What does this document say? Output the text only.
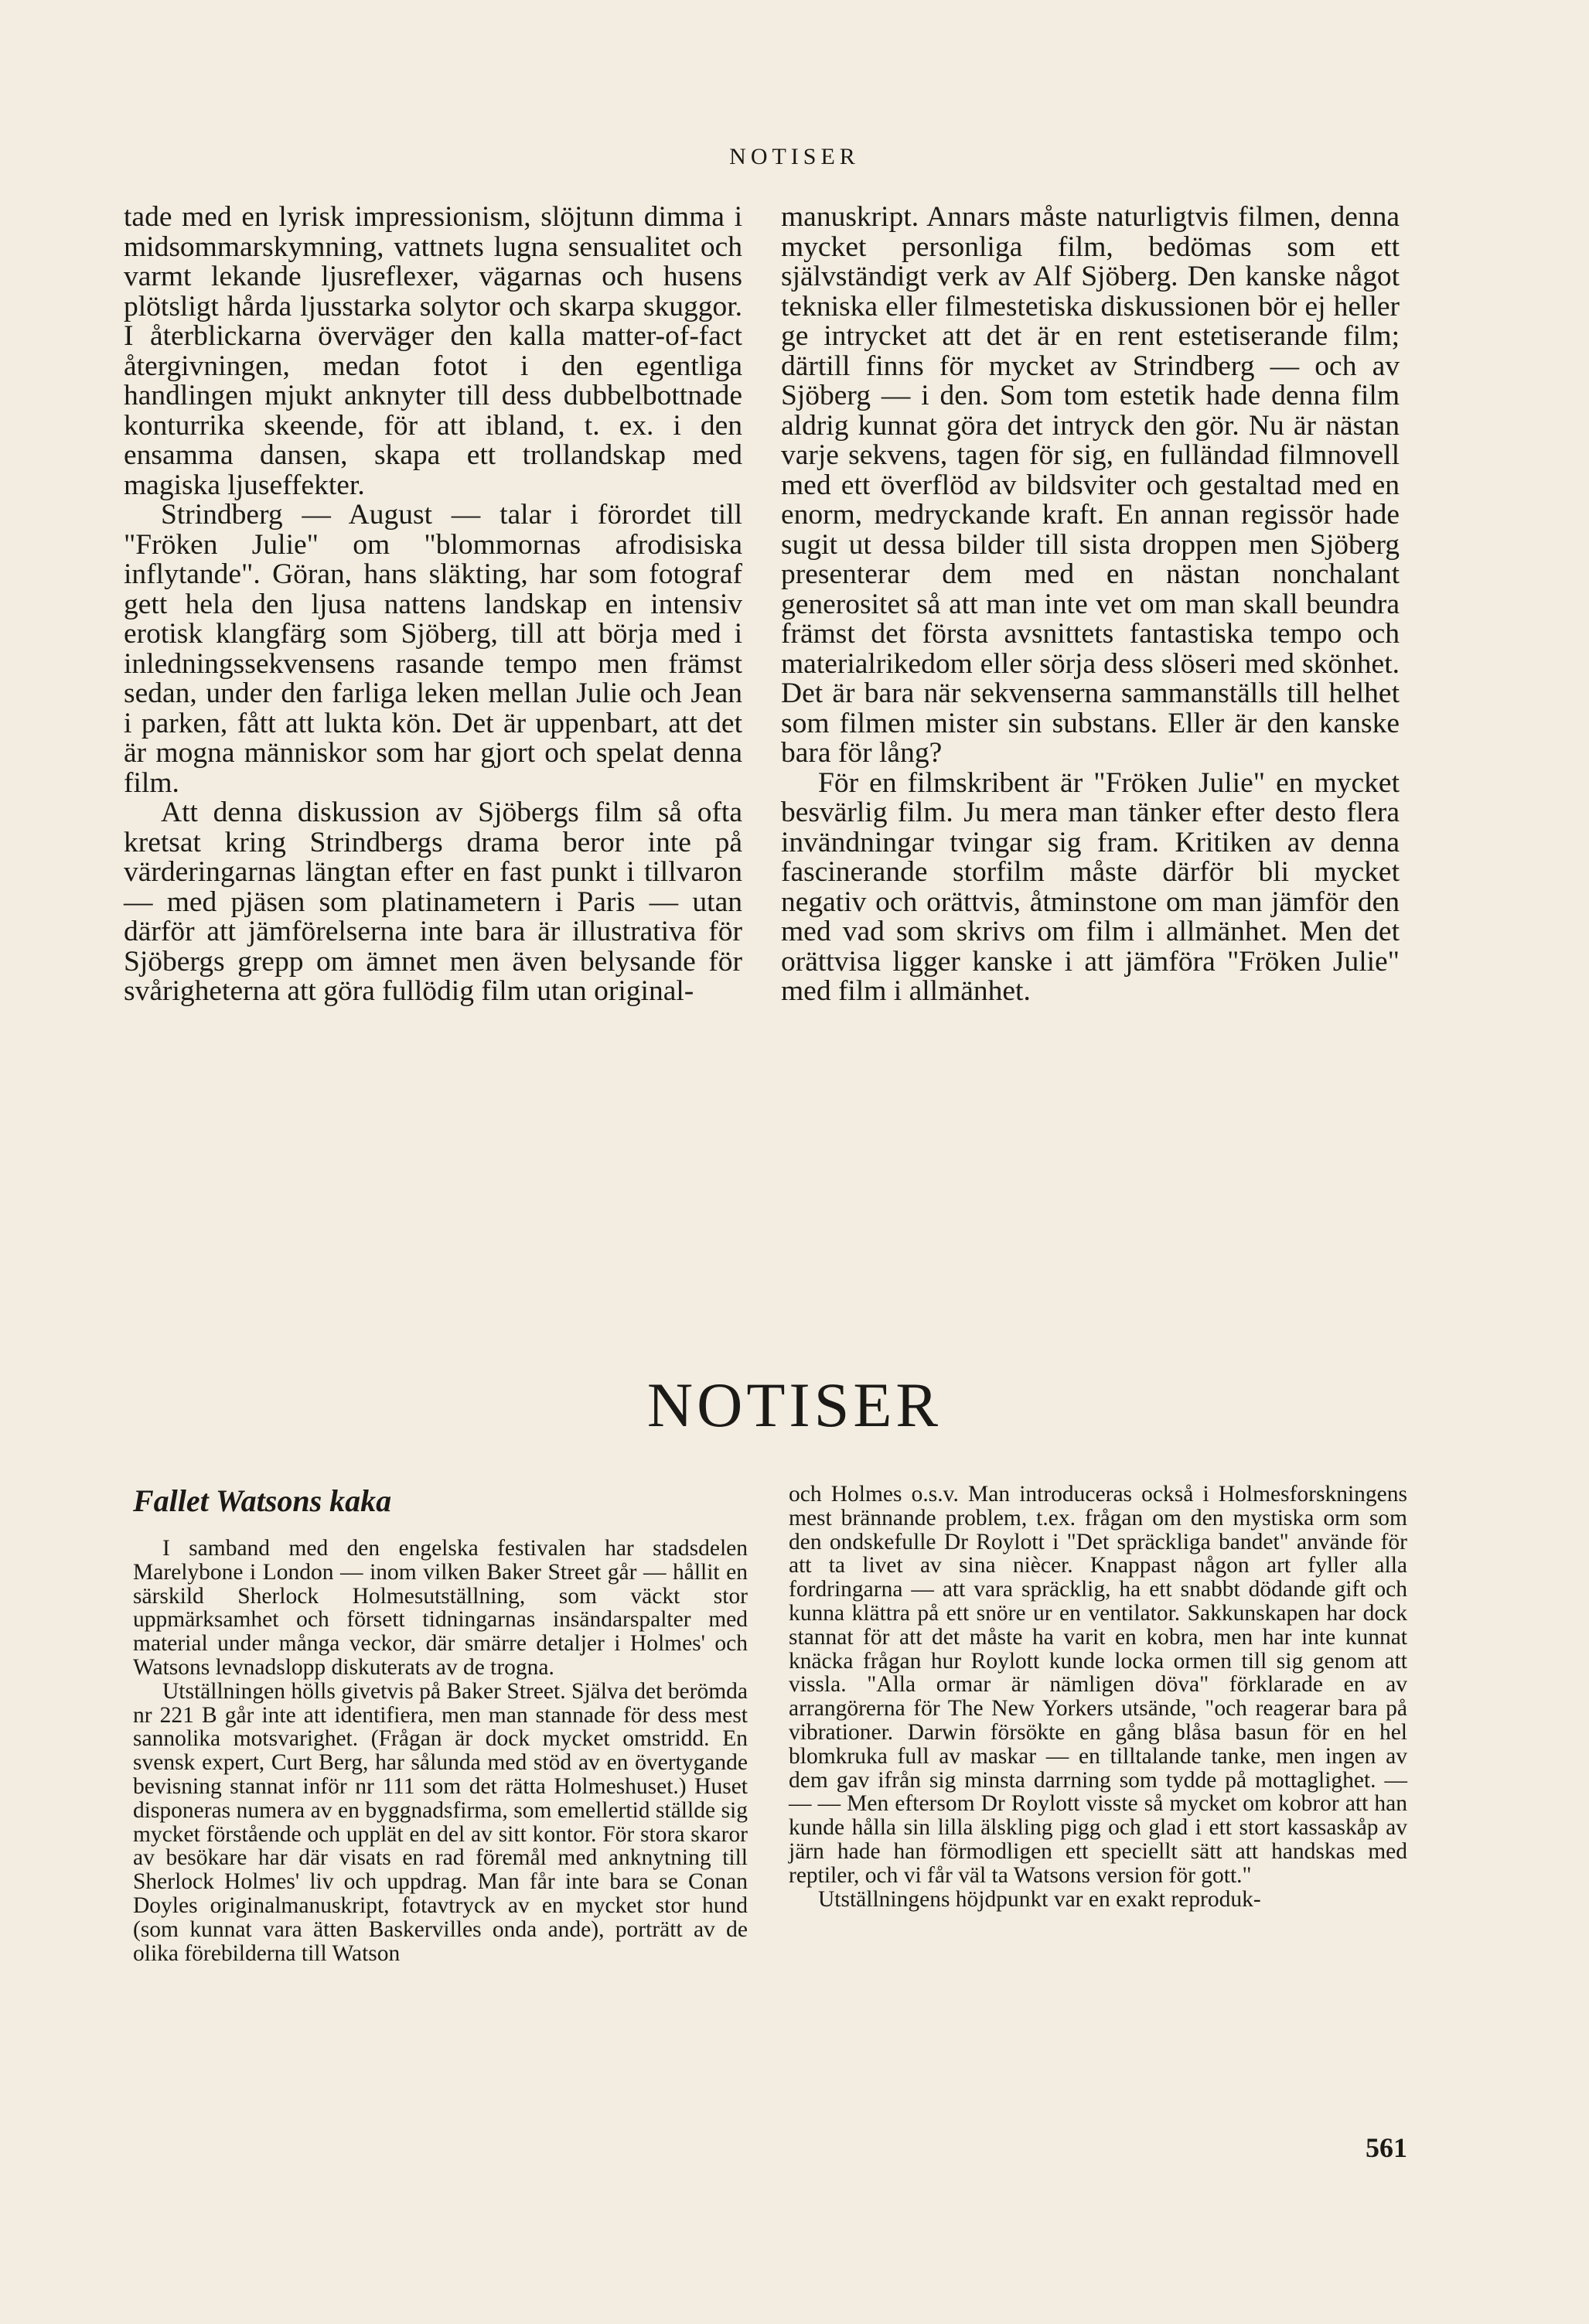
NOTISER

tade med en lyrisk impressionism, slöjtunn dimma i midsommarskymning, vattnets lugna sensualitet och varmt lekande ljusreflexer, vägarnas och husens plötsligt hårda ljusstarka solytor och skarpa skuggor. I återblickarna överväger den kalla matter-of-fact återgivningen, medan fotot i den egentliga handlingen mjukt anknyter till dess dubbelbottnade konturrika skeende, för att ibland, t. ex. i den ensamma dansen, skapa ett trollandskap med magiska ljuseffekter.

Strindberg — August — talar i förordet till "Fröken Julie" om "blommornas afrodisiska inflytande". Göran, hans släkting, har som fotograf gett hela den ljusa nattens landskap en intensiv erotisk klangfärg som Sjöberg, till att börja med i inledningssekvensens rasande tempo men främst sedan, under den farliga leken mellan Julie och Jean i parken, fått att lukta kön. Det är uppenbart, att det är mogna människor som har gjort och spelat denna film.

Att denna diskussion av Sjöbergs film så ofta kretsat kring Strindbergs drama beror inte på värderingarnas längtan efter en fast punkt i tillvaron — med pjäsen som platinametern i Paris — utan därför att jämförelserna inte bara är illustrativa för Sjöbergs grepp om ämnet men även belysande för svårigheterna att göra fullödig film utan original-

manuskript. Annars måste naturligtvis filmen, denna mycket personliga film, bedömas som ett självständigt verk av Alf Sjöberg. Den kanske något tekniska eller filmestetiska diskussionen bör ej heller ge intrycket att det är en rent estetiserande film; därtill finns för mycket av Strindberg — och av Sjöberg — i den. Som tom estetik hade denna film aldrig kunnat göra det intryck den gör. Nu är nästan varje sekvens, tagen för sig, en fulländad filmnovell med ett överflöd av bildsviter och gestaltad med en enorm, medryckande kraft. En annan regissör hade sugit ut dessa bilder till sista droppen men Sjöberg presenterar dem med en nästan nonchalant generositet så att man inte vet om man skall beundra främst det första avsnittets fantastiska tempo och materialrikedom eller sörja dess slöseri med skönhet. Det är bara när sekvenserna sammanställs till helhet som filmen mister sin substans. Eller är den kanske bara för lång?

För en filmskribent är "Fröken Julie" en mycket besvärlig film. Ju mera man tänker efter desto flera invändningar tvingar sig fram. Kritiken av denna fascinerande storfilm måste därför bli mycket negativ och orättvis, åtminstone om man jämför den med vad som skrivs om film i allmänhet. Men det orättvisa ligger kanske i att jämföra "Fröken Julie" med film i allmänhet.

NOTISER
Fallet Watsons kaka

I samband med den engelska festivalen har stadsdelen Marelybone i London — inom vilken Baker Street går — hållit en särskild Sherlock Holmesutställning, som väckt stor uppmärksamhet och försett tidningarnas insändarspalter med material under många veckor, där smärre detaljer i Holmes' och Watsons levnadslopp diskuterats av de trogna.

Utställningen hölls givetvis på Baker Street. Själva det berömda nr 221 B går inte att identifiera, men man stannade för dess mest sannolika motsvarighet. (Frågan är dock mycket omstridd. En svensk expert, Curt Berg, har sålunda med stöd av en övertygande bevisning stannat inför nr 111 som det rätta Holmeshuset.) Huset disponeras numera av en byggnadsfirma, som emellertid ställde sig mycket förstående och upplät en del av sitt kontor. För stora skaror av besökare har där visats en rad föremål med anknytning till Sherlock Holmes' liv och uppdrag. Man får inte bara se Conan Doyles originalmanuskript, fotavtryck av en mycket stor hund (som kunnat vara ätten Baskervilles onda ande), porträtt av de olika förebilderna till Watson

och Holmes o.s.v. Man introduceras också i Holmesforskningens mest brännande problem, t.ex. frågan om den mystiska orm som den ondskefulle Dr Roylott i "Det spräckliga bandet" använde för att ta livet av sina niècer. Knappast någon art fyller alla fordringarna — att vara spräcklig, ha ett snabbt dödande gift och kunna klättra på ett snöre ur en ventilator. Sakkunskapen har dock stannat för att det måste ha varit en kobra, men har inte kunnat knäcka frågan hur Roylott kunde locka ormen till sig genom att vissla. "Alla ormar är nämligen döva" förklarade en av arrangörerna för The New Yorkers utsände, "och reagerar bara på vibrationer. Darwin försökte en gång blåsa basun för en hel blomkruka full av maskar — en tilltalande tanke, men ingen av dem gav ifrån sig minsta darrning som tydde på mottaglighet. — — — Men eftersom Dr Roylott visste så mycket om kobror att han kunde hålla sin lilla älskling pigg och glad i ett stort kassaskåp av järn hade han förmodligen ett speciellt sätt att handskas med reptiler, och vi får väl ta Watsons version för gott."

Utställningens höjdpunkt var en exakt reproduk-

561
